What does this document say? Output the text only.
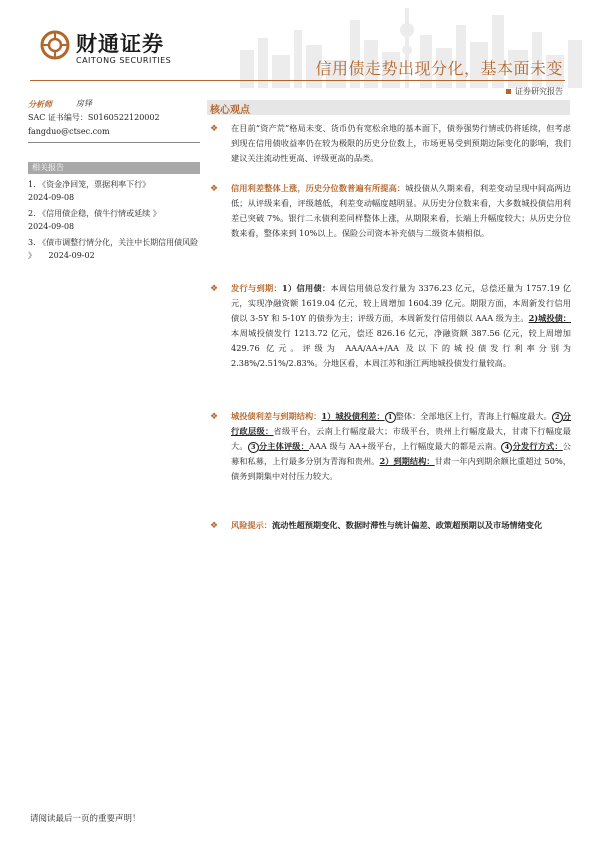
财通证券
CAITONG SECURITIES	信用债走势出现分化，基本面未变
证券研究报告
分析师	房铎
SAC 证书编号：S0160522120002
fangduo@ctsec.com
相关报告
1. 《资金净回笼，票据利率下行》
2024-09-08
2. 《信用债企稳，债牛行情或延续 》
2024-09-08
3. 《债市调整行情分化，关注中长期信用债风险 》 2024-09-02
核心观点
❖ 在目前“资产荒”格局未变、货币仍有宽松余地的基本面下，债券强势行情或仍将延续，但考虑到现在信用债收益率仍在较为极限的历史分位数上，市场更易受到预期边际变化的影响，我们建议关注流动性更高、评级更高的品类。
❖ 信用利差整体上涨，历史分位数普遍有所提高：城投债从久期来看，利差变动呈现中间高两边低；从评级来看，评级越低，利差变动幅度越明显。从历史分位数来看，大多数城投债信用利差已突破 7%。银行二永债利差同样整体上涨，从期限来看，长端上升幅度较大；从历史分位数来看，整体来到 10%以上。保险公司资本补充债与二级资本债相似。
❖ 发行与到期：1）信用债：本周信用债总发行量为 3376.23 亿元，总偿还量为 1757.19 亿元，实现净融资额 1619.04 亿元，较上周增加 1604.39 亿元。期限方面，本周新发行信用债以 3-5Y 和 5-10Y 的债券为主；评级方面，本周新发行信用债以 AAA 级为主。2)城投债：本周城投债发行 1213.72 亿元，偿还 826.16 亿元，净融资额 387.56 亿元，较上周增加 429.76 亿元。评级为 AAA/AA+/AA 及以下的城投债发行利率分别为 2.38%/2.51%/2.83%。分地区看，本周江苏和浙江两地城投债发行量较高。
❖ 城投债利差与到期结构：1）城投债利差： 1 整体：全部地区上行，青海上行幅度最大。 2 分行政层级：省级平台，云南上行幅度最大；市级平台，贵州上行幅度最大，甘肃下行幅度最大。 3 分主体评级：AAA 级与 AA+级平台，上行幅度最大的都是云南。 4 分发行方式：公募和私募，上行最多分别为青海和贵州。2）到期结构：甘肃一年内到期余额比重超过 50%，债务到期集中对付压力较大。
❖ 风险提示：流动性超预期变化、数据时滞性与统计偏差、政策超预期以及市场情绪变化
请阅读最后一页的重要声明！
